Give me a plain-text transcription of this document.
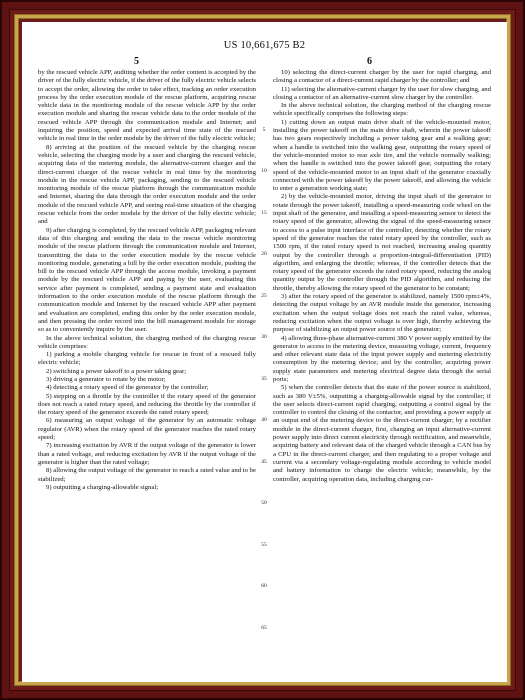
US 10,661,675 B2
5	6

by the rescued vehicle APP, auditing whether the order content is accepted by the driver of the fully electric vehicle, if the driver of the fully electric vehicle selects to accept the order, allowing the order to take effect, tracking an order execution process by the order execution module of the rescue platform, acquiring rescue vehicle data in the monitoring module of the rescue vehicle APP by the order execution module and sharing the rescue vehicle data to the order module of the rescued vehicle APP through the communication module and Internet; and inquiring the position, speed and expected arrival time state of the rescued vehicle in real time in the order module by the driver of the fully electric vehicle;

8) arriving at the position of the rescued vehicle by the charging rescue vehicle, selecting the charging mode by a user and charging the rescued vehicle, acquiring data of the metering module, the alternative-current charger and the direct-current charger of the rescue vehicle in real time by the monitoring module in the rescue vehicle APP, packaging, sending to the rescued vehicle monitoring module of the rescue platform through the communication module and Internet, sharing the data through the order execution module and the order module of the rescued vehicle APP, and seeing real-time situation of the charging rescue vehicle from the order module by the driver of the fully electric vehicle; and

9) after charging is completed, by the rescued vehicle APP, packaging relevant data of this charging and sending the data to the rescue vehicle monitoring module of the rescue platform through the communication module and Internet, transmitting the data to the order execution module by the rescue vehicle monitoring module, generating a bill by the order execution module, pushing the bill to the rescued vehicle APP through the access module, invoking a payment module by the rescued vehicle APP and paying by the user, evaluating this service after payment is completed, sending a payment state and evaluation information to the order execution module of the rescue platform through the communication module and Internet by the rescued vehicle APP after payment and evaluation are completed, ending this order by the order execution module, and then pressing the order record into the bill management module for storage so as to conveniently inquire by the user.

In the above technical solution, the charging method of the charging rescue vehicle comprises:

1) parking a mobile charging vehicle for rescue in front of a rescued fully electric vehicle;

2) switching a power takeoff to a power taking gear;

3) driving a generator to rotate by the motor;

4) detecting a rotary speed of the generator by the controller;

5) stepping on a throttle by the controller if the rotary speed of the generator does not reach a rated rotary speed, and reducing the throttle by the controller if the rotary speed of the generator exceeds the rated rotary speed;

6) measuring an output voltage of the generator by an automatic voltage regulator (AVR) when the rotary speed of the generator reaches the rated rotary speed;

7) increasing excitation by AVR if the output voltage of the generator is lower than a rated voltage, and reducing excitation by AVR if the output voltage of the generator is higher than the rated voltage;

8) allowing the output voltage of the generator to reach a rated value and to be stabilized;

9) outputting a charging-allowable signal;

5
10
15
20
25
30
35
40
45
50
55
60
65

10) selecting the direct-current charger by the user for rapid charging, and closing a contactor of a direct-current rapid charger by the controller; and

11) selecting the alternative-current charger by the user for slow charging, and closing a contactor of an alternative-current slow charger by the controller.

In the above technical solution, the charging method of the charging rescue vehicle specifically comprises the following steps:

1) cutting down an output main drive shaft of the vehicle-mounted motor, installing the power takeoff on the main drive shaft, wherein the power takeoff has two gears respectively including a power taking gear and a walking gear; when a handle is switched into the walking gear, outputting the rotary speed of the vehicle-mounted motor to rear axle tire, and the vehicle normally walking; when the handle is switched into the power takeoff gear, outputting the rotary speed of the vehicle-mounted motor to an input shaft of the generator coaxially connected with the power takeoff by the power takeoff, and allowing the vehicle to enter a generation working state;

2) by the vehicle-mounted motor, driving the input shaft of the generator to rotate through the power takeoff, installing a speed-measuring code wheel on the input shaft of the generator, and installing a speed-measuring sensor to detect the rotary speed of the generator, allowing the signal of the speed-measuring sensor to access to a pulse input interface of the controller, detecting whether the rotary speed of the generator reaches the rated rotary speed by the controller, such as 1500 rpm, if the rated rotary speed is not reached, increasing analog quantity output by the controller through a proportion-integral-differentiation (PID) algorithm, and enlarging the throttle; whereas, if the controller detects that the rotary speed of the generator exceeds the rated rotary speed, reducing the analog quantity output by the controller through the PID algorithm, and reducing the throttle, thereby allowing the rotary speed of the generator to be constant;

3) after the rotary speed of the generator is stabilized, namely 1500 rpm±4%, detecting the output voltage by an AVR module inside the generator, increasing excitation when the output voltage does not reach the rated value, whereas, reducing excitation when the output voltage is over high, thereby achieving the purpose of stabilizing an output power source of the generator;

4) allowing three-phase alternative-current 380 V power supply emitted by the generator to access to the metering device, measuring voltage, current, frequency and other relevant state data of the input power supply and metering electricity consumption by the metering device; and by the controller, acquiring power supply state parameters and metering electrical degree data through the serial ports;

5) when the controller detects that the state of the power source is stabilized, such as 380 V±5%, outputting a charging-allowable signal by the controller; if the user selects direct-current rapid charging, outputting a control signal by the controller to control the closing of the contactor, and providing a power supply at an output end of the metering device to the direct-current charger; by a rectifier module in the direct-current charger, first, changing an input alternative-current power supply into direct current electricity through rectification, and meanwhile, acquiring battery and relevant data of the charged vehicle through a CAN bus by a CPU in the direct-current charger, and then regulating to a proper voltage and current via a secondary voltage-regulating module according to vehicle model and battery information to charge the electric vehicle; meanwhile, by the controller, acquiring operation data, including charging cur-
